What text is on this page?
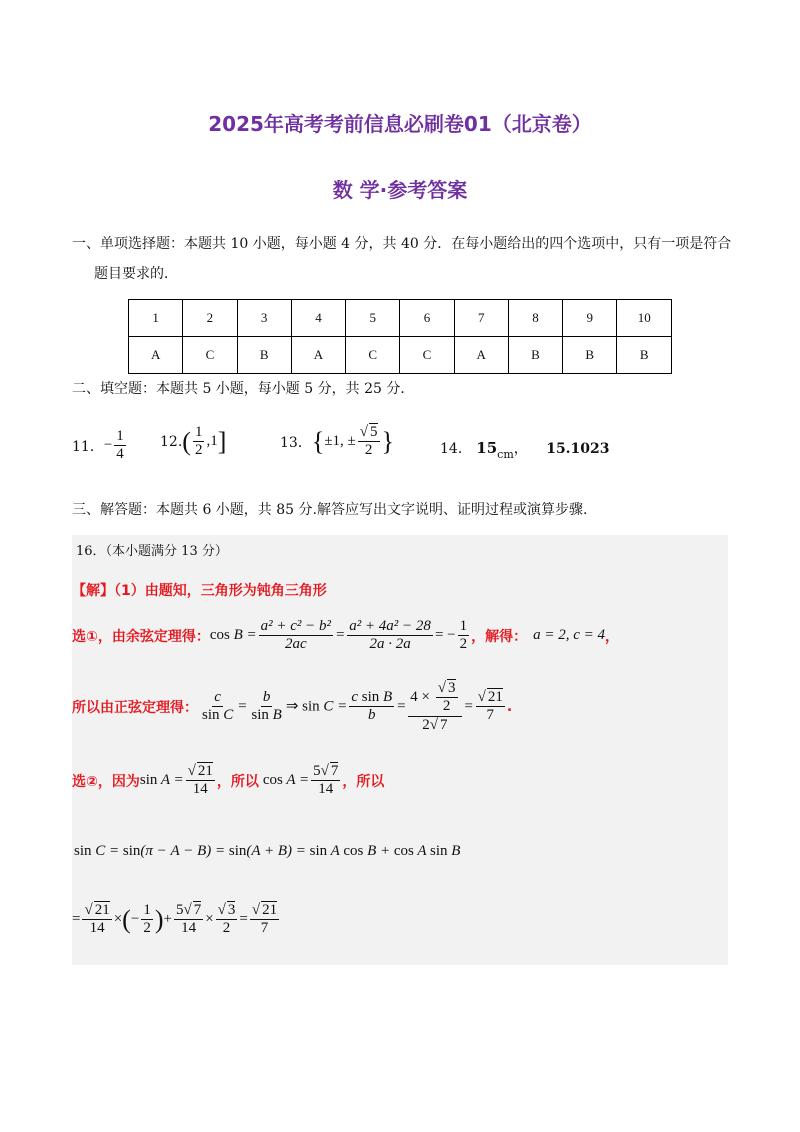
2025年高考考前信息必刷卷01（北京卷）
数 学·参考答案
一、单项选择题：本题共 10 小题，每小题 4 分，共 40 分．在每小题给出的四个选项中，只有一项是符合
题目要求的．
1	2	3	4	5	6	7	8	9	10
A	C	B	A	C	C	A	B	B	B
二、填空题：本题共 5 小题，每小题 5 分，共 25 分．
11． − $\frac{1}{4} 12$. ( $\frac{1}{2} ,1$]	13． {±1, ± $\frac{√ 5}{2}$ }	14． $15_{cm}$， 15.1023
三、解答题：本题共 6 小题，共 85 分.解答应写出文字说明、证明过程或演算步骤.
16．（本小题满分 13 分）
【解】（1）由题知，三角形为钝角三角形
选①，由余弦定理得： $\cos B = \frac{\text{a² + c² − b²}}{2ac} = \frac{\text{a² + 4a² − 28}}{2a \cdot 2a}$ = − $\frac{1}{2}$ ，解得： a = 2, c = 4 ，
所以由正弦定理得： $\frac{c}{\text{sin C}} = \frac{b}{\text{sin B}}$ ⇒ $\sin C = \frac{\text{c sin B}}{b} = \frac{4 \times \frac{√ 3}{2}}{2√ 7} = \frac{√ 21}{7}$ .
选②，因为 $\sin A = \frac{√ 21}{14}$ ，所以 $\cos A = \frac{5√ 7}{14}$ ，所以
sin C = sin(π − A − B) = sin(A + B) = sin A cos B + cos A sin B
= $\frac{√ 21}{14}$ × ( − $\frac{1}{2}$ ) + $\frac{5√ 7}{14} \times \frac{√ 3}{2} = \frac{√ 21}{7}$
